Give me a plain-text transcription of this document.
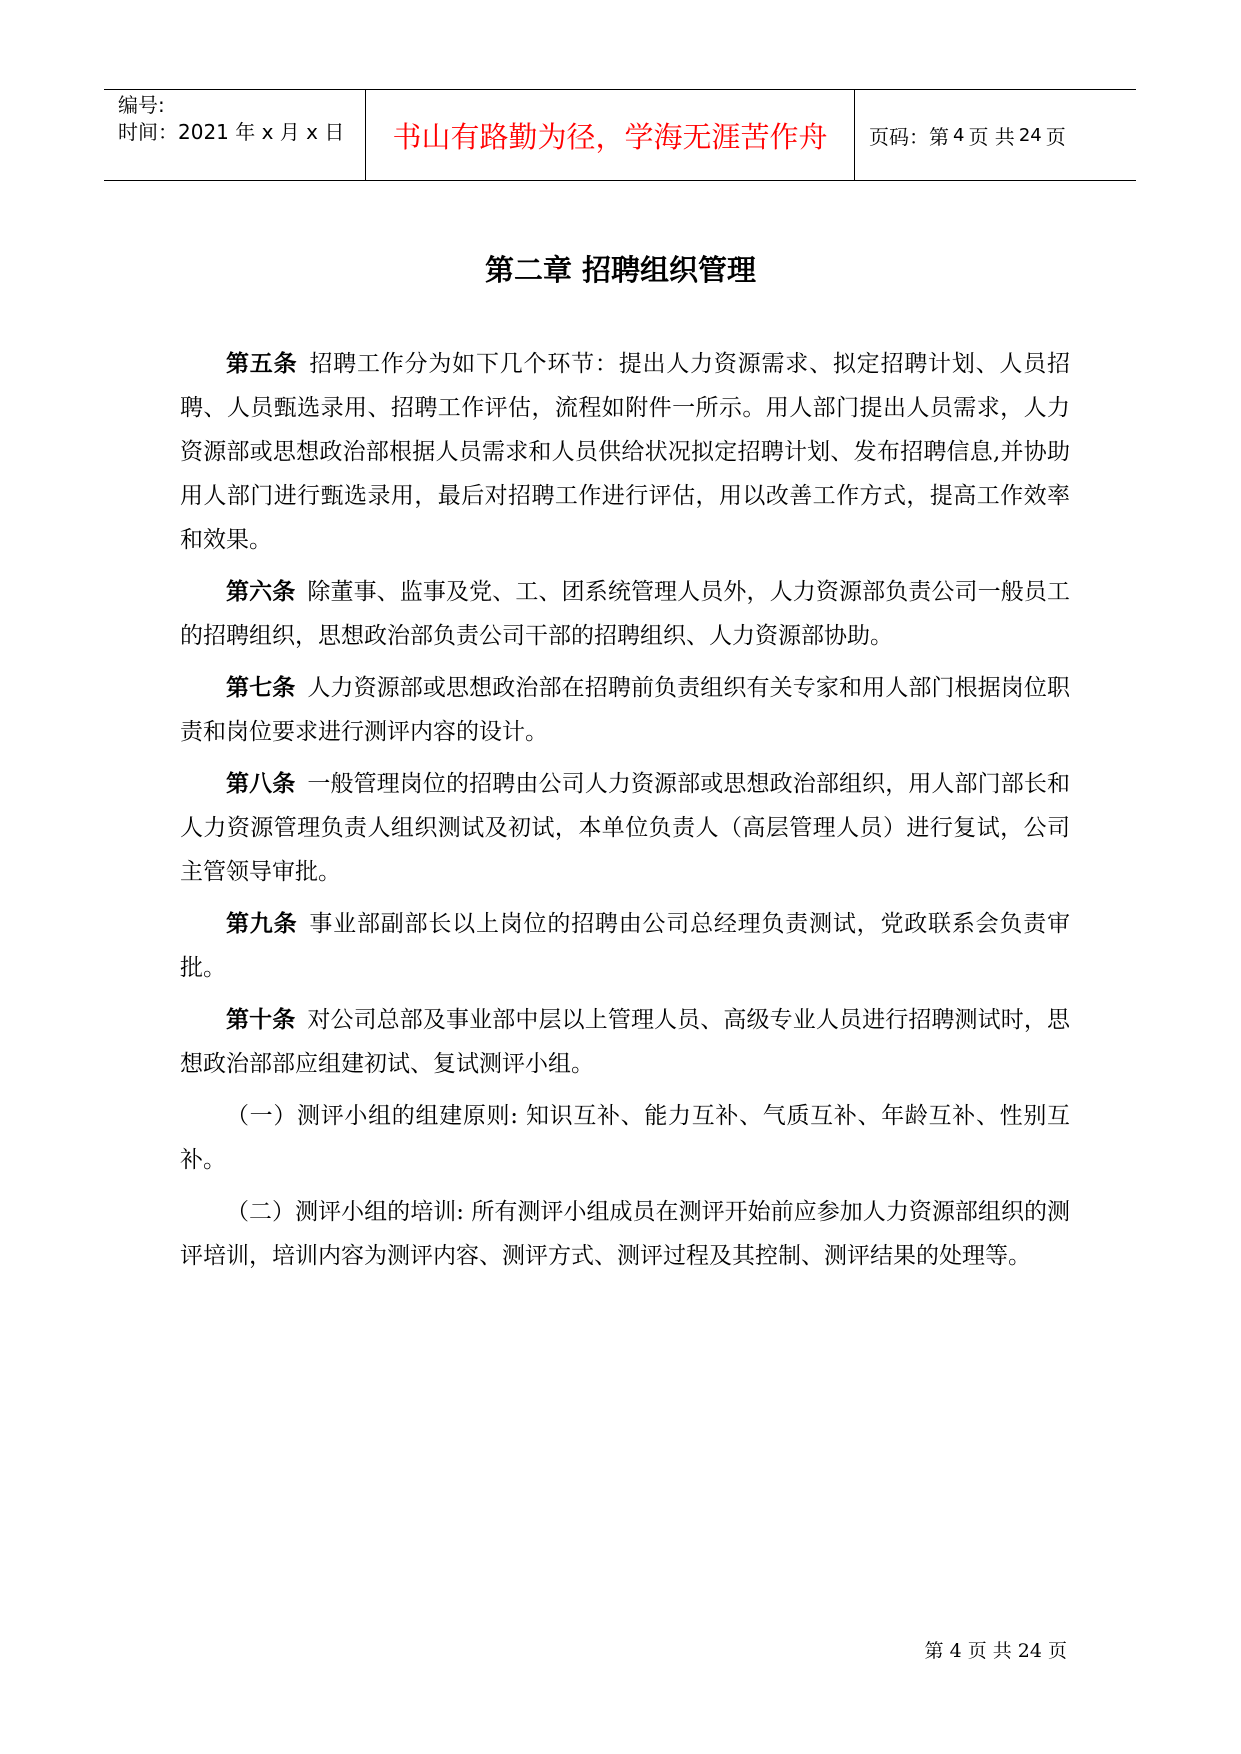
编号:
时间：2021 年 x 月 x 日	书山有路勤为径，学海无涯苦作舟	页码：第 4 页 共 24 页
第二章 招聘组织管理

第五条 招聘工作分为如下几个环节：提出人力资源需求、拟定招聘计划、人员招聘、人员甄选录用、招聘工作评估，流程如附件一所示。用人部门提出人员需求，人力资源部或思想政治部根据人员需求和人员供给状况拟定招聘计划、发布招聘信息,并协助用人部门进行甄选录用，最后对招聘工作进行评估，用以改善工作方式，提高工作效率和效果。

第六条 除董事、监事及党、工、团系统管理人员外，人力资源部负责公司一般员工的招聘组织，思想政治部负责公司干部的招聘组织、人力资源部协助。

第七条 人力资源部或思想政治部在招聘前负责组织有关专家和用人部门根据岗位职责和岗位要求进行测评内容的设计。

第八条 一般管理岗位的招聘由公司人力资源部或思想政治部组织，用人部门部长和人力资源管理负责人组织测试及初试，本单位负责人（高层管理人员）进行复试，公司主管领导审批。

第九条 事业部副部长以上岗位的招聘由公司总经理负责测试，党政联系会负责审批。

第十条 对公司总部及事业部中层以上管理人员、高级专业人员进行招聘测试时，思想政治部部应组建初试、复试测评小组。

（一）测评小组的组建原则: 知识互补、能力互补、气质互补、年龄互补、性别互补。

（二）测评小组的培训: 所有测评小组成员在测评开始前应参加人力资源部组织的测评培训，培训内容为测评内容、测评方式、测评过程及其控制、测评结果的处理等。

第 4 页 共 24 页
